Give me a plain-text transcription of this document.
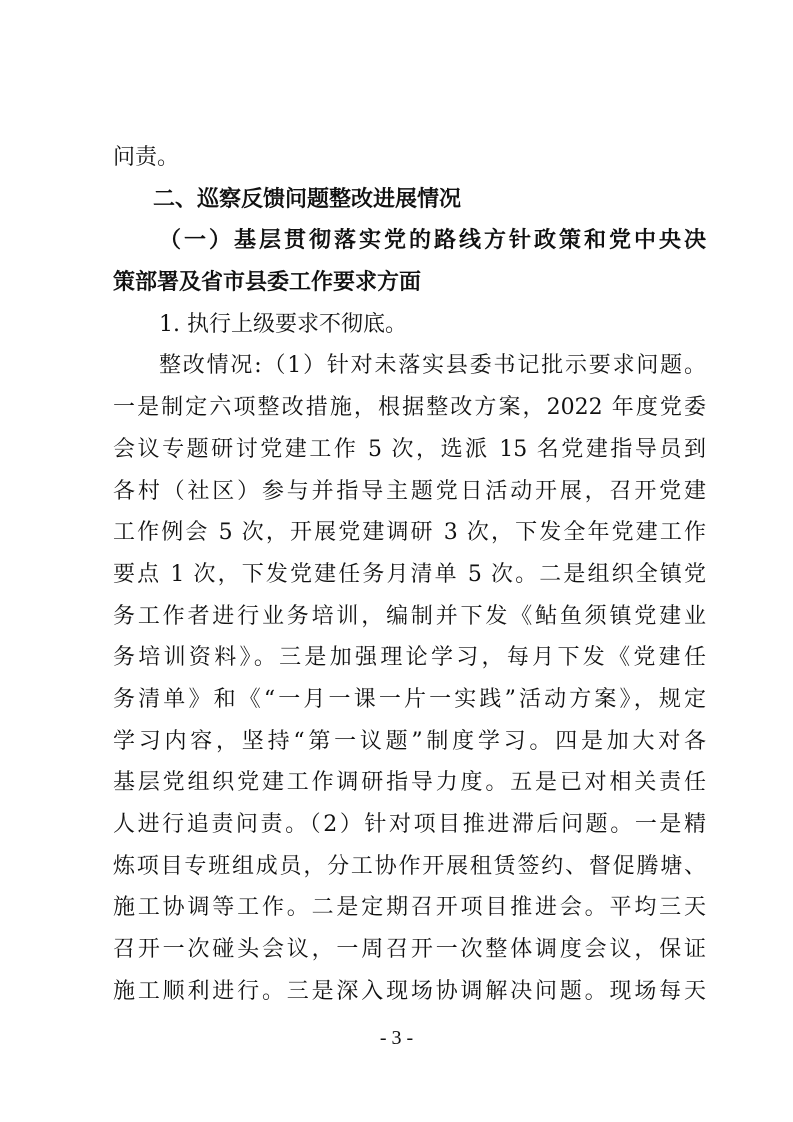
问责。
二、巡察反馈问题整改进展情况
（一）基层贯彻落实党的路线方针政策和党中央决
策部署及省市县委工作要求方面
1. 执行上级要求不彻底。
整改情况:（1）针对未落实县委书记批示要求问题。
一是制定六项整改措施，根据整改方案，2022 年度党委
会议专题研讨党建工作 5 次，选派 15 名党建指导员到
各村（社区）参与并指导主题党日活动开展，召开党建
工作例会 5 次，开展党建调研 3 次，下发全年党建工作
要点 1 次，下发党建任务月清单 5 次。二是组织全镇党
务工作者进行业务培训，编制并下发《鲇鱼须镇党建业
务培训资料》。三是加强理论学习，每月下发《党建任
务清单》和《“一月一课一片一实践”活动方案》，规定
学习内容，坚持“第一议题”制度学习。四是加大对各
基层党组织党建工作调研指导力度。五是已对相关责任
人进行追责问责。（2）针对项目推进滞后问题。一是精
炼项目专班组成员，分工协作开展租赁签约、督促腾塘、
施工协调等工作。二是定期召开项目推进会。平均三天
召开一次碰头会议，一周召开一次整体调度会议，保证
施工顺利进行。三是深入现场协调解决问题。现场每天
- 3 -
